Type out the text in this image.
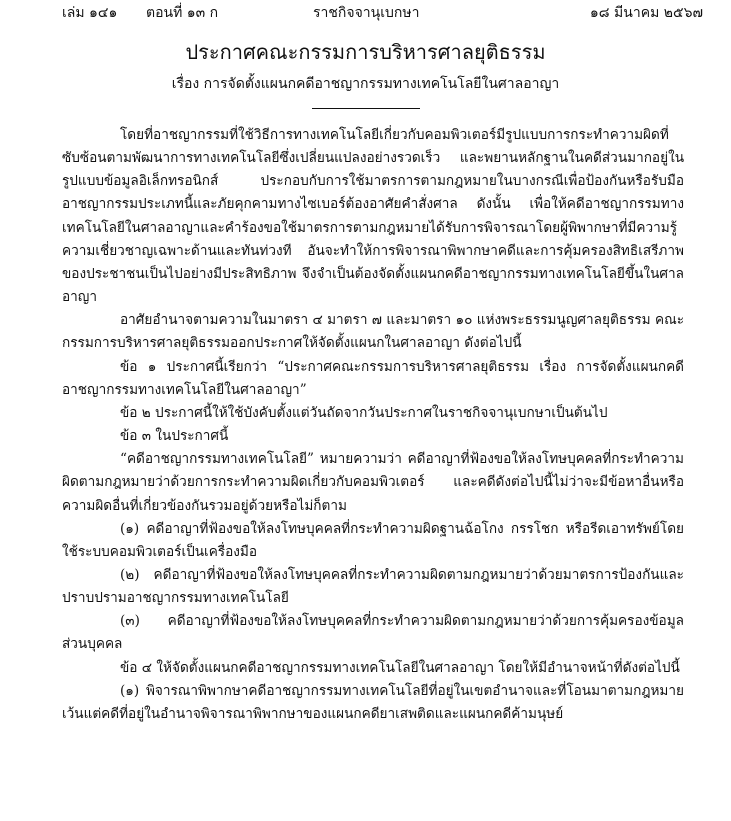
เล่ม ๑๔๑ ตอนที่ ๑๓ ก	ราชกิจจานุเบกษา	๑๘ มีนาคม ๒๕๖๗
ประกาศคณะกรรมการบริหารศาลยุติธรรม
เรื่อง การจัดตั้งแผนกคดีอาชญากรรมทางเทคโนโลยีในศาลอาญา

โดยที่อาชญากรรมที่ใช้วิธีการทางเทคโนโลยีเกี่ยวกับคอมพิวเตอร์มีรูปแบบการกระทำความผิดที่ซับซ้อนตามพัฒนาการทางเทคโนโลยีซึ่งเปลี่ยนแปลงอย่างรวดเร็ว และพยานหลักฐานในคดีส่วนมากอยู่ในรูปแบบข้อมูลอิเล็กทรอนิกส์ ประกอบกับการใช้มาตรการตามกฎหมายในบางกรณีเพื่อป้องกันหรือรับมืออาชญากรรมประเภทนี้และภัยคุกคามทางไซเบอร์ต้องอาศัยคำสั่งศาล ดังนั้น เพื่อให้คดีอาชญากรรมทางเทคโนโลยีในศาลอาญาและคำร้องขอใช้มาตรการตามกฎหมายได้รับการพิจารณาโดยผู้พิพากษาที่มีความรู้ความเชี่ยวชาญเฉพาะด้านและทันท่วงที อันจะทำให้การพิจารณาพิพากษาคดีและการคุ้มครองสิทธิเสรีภาพของประชาชนเป็นไปอย่างมีประสิทธิภาพ จึงจำเป็นต้องจัดตั้งแผนกคดีอาชญากรรมทางเทคโนโลยีขึ้นในศาลอาญา

อาศัยอำนาจตามความในมาตรา ๔ มาตรา ๗ และมาตรา ๑๐ แห่งพระธรรมนูญศาลยุติธรรม คณะกรรมการบริหารศาลยุติธรรมออกประกาศให้จัดตั้งแผนกในศาลอาญา ดังต่อไปนี้

ข้อ ๑ ประกาศนี้เรียกว่า “ประกาศคณะกรรมการบริหารศาลยุติธรรม เรื่อง การจัดตั้งแผนกคดีอาชญากรรมทางเทคโนโลยีในศาลอาญา”

ข้อ ๒ ประกาศนี้ให้ใช้บังคับตั้งแต่วันถัดจากวันประกาศในราชกิจจานุเบกษาเป็นต้นไป

ข้อ ๓ ในประกาศนี้

“คดีอาชญากรรมทางเทคโนโลยี” หมายความว่า คดีอาญาที่ฟ้องขอให้ลงโทษบุคคลที่กระทำความผิดตามกฎหมายว่าด้วยการกระทำความผิดเกี่ยวกับคอมพิวเตอร์ และคดีดังต่อไปนี้ไม่ว่าจะมีข้อหาอื่นหรือความผิดอื่นที่เกี่ยวข้องกันรวมอยู่ด้วยหรือไม่ก็ตาม

(๑) คดีอาญาที่ฟ้องขอให้ลงโทษบุคคลที่กระทำความผิดฐานฉ้อโกง กรรโชก หรือรีดเอาทรัพย์โดยใช้ระบบคอมพิวเตอร์เป็นเครื่องมือ

(๒) คดีอาญาที่ฟ้องขอให้ลงโทษบุคคลที่กระทำความผิดตามกฎหมายว่าด้วยมาตรการป้องกันและปราบปรามอาชญากรรมทางเทคโนโลยี

(๓) คดีอาญาที่ฟ้องขอให้ลงโทษบุคคลที่กระทำความผิดตามกฎหมายว่าด้วยการคุ้มครองข้อมูลส่วนบุคคล

ข้อ ๔ ให้จัดตั้งแผนกคดีอาชญากรรมทางเทคโนโลยีในศาลอาญา โดยให้มีอำนาจหน้าที่ดังต่อไปนี้

(๑) พิจารณาพิพากษาคดีอาชญากรรมทางเทคโนโลยีที่อยู่ในเขตอำนาจและที่โอนมาตามกฎหมายเว้นแต่คดีที่อยู่ในอำนาจพิจารณาพิพากษาของแผนกคดียาเสพติดและแผนกคดีค้ามนุษย์
